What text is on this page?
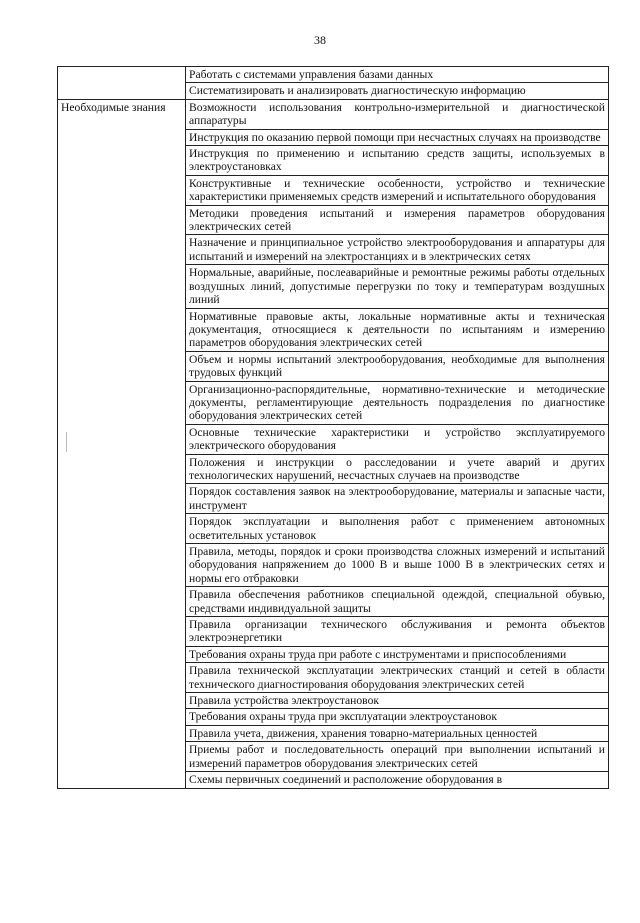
38
	Работать с системами управления базами данных
	Систематизировать и анализировать диагностическую информацию
Необходимые знания	Возможности использования контрольно-измерительной и диагностической аппаратуры
	Инструкция по оказанию первой помощи при несчастных случаях на производстве
	Инструкция по применению и испытанию средств защиты, используемых в электроустановках
	Конструктивные и технические особенности, устройство и технические характеристики применяемых средств измерений и испытательного оборудования
	Методики проведения испытаний и измерения параметров оборудования электрических сетей
	Назначение и принципиальное устройство электрооборудования и аппаратуры для испытаний и измерений на электростанциях и в электрических сетях
	Нормальные, аварийные, послеаварийные и ремонтные режимы работы отдельных воздушных линий, допустимые перегрузки по току и температурам воздушных линий
	Нормативные правовые акты, локальные нормативные акты и техническая документация, относящиеся к деятельности по испытаниям и измерению параметров оборудования электрических сетей
	Объем и нормы испытаний электрооборудования, необходимые для выполнения трудовых функций
	Организационно-распорядительные, нормативно-технические и методические документы, регламентирующие деятельность подразделения по диагностике оборудования электрических сетей
	Основные технические характеристики и устройство эксплуатируемого электрического оборудования
	Положения и инструкции о расследовании и учете аварий и других технологических нарушений, несчастных случаев на производстве
	Порядок составления заявок на электрооборудование, материалы и запасные части, инструмент
	Порядок эксплуатации и выполнения работ с применением автономных осветительных установок
	Правила, методы, порядок и сроки производства сложных измерений и испытаний оборудования напряжением до 1000 В и выше 1000 В в электрических сетях и нормы его отбраковки
	Правила обеспечения работников специальной одеждой, специальной обувью, средствами индивидуальной защиты
	Правила организации технического обслуживания и ремонта объектов электроэнергетики
	Требования охраны труда при работе с инструментами и приспособлениями
	Правила технической эксплуатации электрических станций и сетей в области технического диагностирования оборудования электрических сетей
	Правила устройства электроустановок
	Требования охраны труда при эксплуатации электроустановок
	Правила учета, движения, хранения товарно-материальных ценностей
	Приемы работ и последовательность операций при выполнении испытаний и измерений параметров оборудования электрических сетей
	Схемы первичных соединений и расположение оборудования в
